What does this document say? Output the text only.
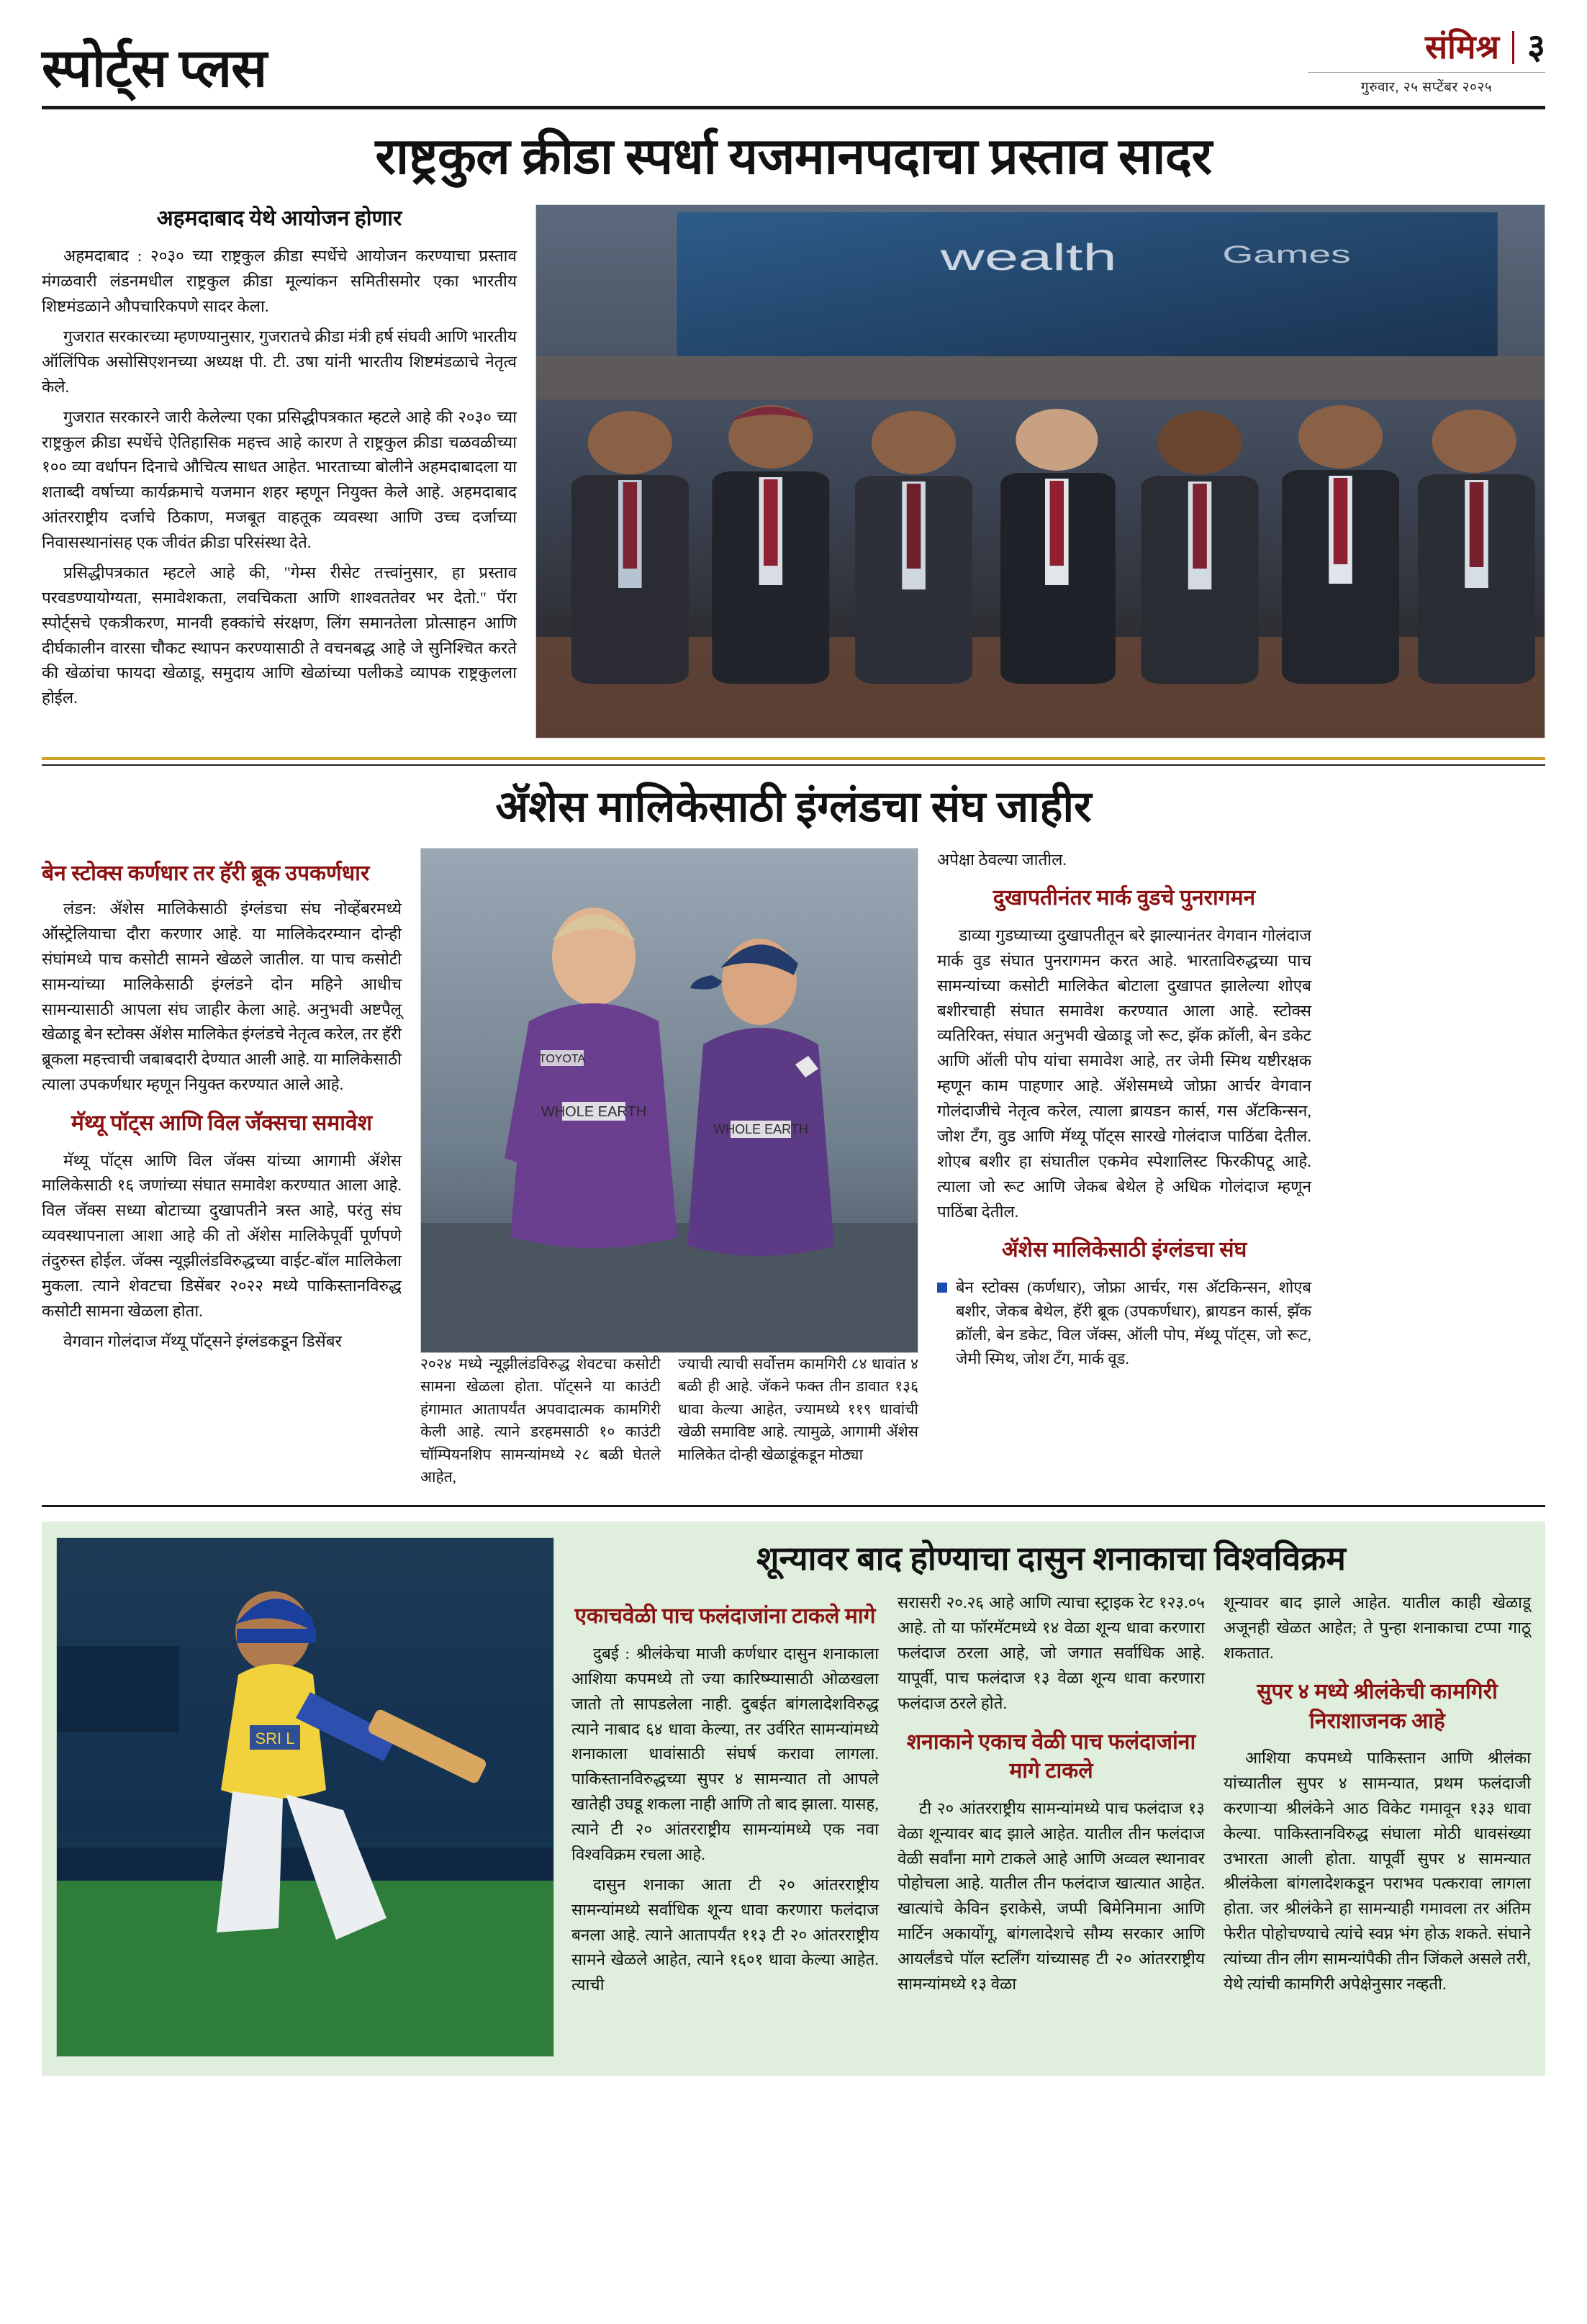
स्पोर्ट्स प्लस	संमिश्र ३
गुरुवार, २५ सप्टेंबर २०२५
राष्ट्रकुल क्रीडा स्पर्धा यजमानपदाचा प्रस्ताव सादर
अहमदाबाद येथे आयोजन होणार

अहमदाबाद : २०३० च्या राष्ट्रकुल क्रीडा स्पर्धेचे आयोजन करण्याचा प्रस्ताव मंगळवारी लंडनमधील राष्ट्रकुल क्रीडा मूल्यांकन समितीसमोर एका भारतीय शिष्टमंडळाने औपचारिकपणे सादर केला.

गुजरात सरकारच्या म्हणण्यानुसार, गुजरातचे क्रीडा मंत्री हर्ष संघवी आणि भारतीय ऑलिंपिक असोसिएशनच्या अध्यक्ष पी. टी. उषा यांनी भारतीय शिष्टमंडळाचे नेतृत्व केले.

गुजरात सरकारने जारी केलेल्या एका प्रसिद्धीपत्रकात म्हटले आहे की २०३० च्या राष्ट्रकुल क्रीडा स्पर्धेचे ऐतिहासिक महत्त्व आहे कारण ते राष्ट्रकुल क्रीडा चळवळीच्या १०० व्या वर्धापन दिनाचे औचित्य साधत आहेत. भारताच्या बोलीने अहमदाबादला या शताब्दी वर्षाच्या कार्यक्रमाचे यजमान शहर म्हणून नियुक्त केले आहे. अहमदाबाद आंतरराष्ट्रीय दर्जाचे ठिकाण, मजबूत वाहतूक व्यवस्था आणि उच्च दर्जाच्या निवासस्थानांसह एक जीवंत क्रीडा परिसंस्था देते.

प्रसिद्धीपत्रकात म्हटले आहे की, "गेम्स रीसेट तत्त्वांनुसार, हा प्रस्ताव परवडण्यायोग्यता, समावेशकता, लवचिकता आणि शाश्वततेवर भर देतो." पॅरा स्पोर्ट्सचे एकत्रीकरण, मानवी हक्कांचे संरक्षण, लिंग समानतेला प्रोत्साहन आणि दीर्घकालीन वारसा चौकट स्थापन करण्यासाठी ते वचनबद्ध आहे जे सुनिश्चित करते की खेळांचा फायदा खेळाडू, समुदाय आणि खेळांच्या पलीकडे व्यापक राष्ट्रकुलला होईल.

wealth	Games
ॲशेस मालिकेसाठी इंग्लंडचा संघ जाहीर
बेन स्टोक्स कर्णधार तर हॅरी ब्रूक उपकर्णधार

लंडन: ॲशेस मालिकेसाठी इंग्लंडचा संघ नोव्हेंबरमध्ये ऑस्ट्रेलियाचा दौरा करणार आहे. या मालिकेदरम्यान दोन्ही संघांमध्ये पाच कसोटी सामने खेळले जातील. या पाच कसोटी सामन्यांच्या मालिकेसाठी इंग्लंडने दोन महिने आधीच सामन्यासाठी आपला संघ जाहीर केला आहे. अनुभवी अष्टपैलू खेळाडू बेन स्टोक्स ॲशेस मालिकेत इंग्लंडचे नेतृत्व करेल, तर हॅरी ब्रूकला महत्त्वाची जबाबदारी देण्यात आली आहे. या मालिकेसाठी त्याला उपकर्णधार म्हणून नियुक्त करण्यात आले आहे.

मॅथ्यू पॉट्स आणि विल जॅक्सचा समावेश

मॅथ्यू पॉट्स आणि विल जॅक्स यांच्या आगामी ॲशेस मालिकेसाठी १६ जणांच्या संघात समावेश करण्यात आला आहे. विल जॅक्स सध्या बोटाच्या दुखापतीने त्रस्त आहे, परंतु संघ व्यवस्थापनाला आशा आहे की तो ॲशेस मालिकेपूर्वी पूर्णपणे तंदुरुस्त होईल. जॅक्स न्यूझीलंडविरुद्धच्या वाईट-बॉल मालिकेला मुकला. त्याने शेवटचा डिसेंबर २०२२ मध्ये पाकिस्तानविरुद्ध कसोटी सामना खेळला होता.

वेगवान गोलंदाज मॅथ्यू पॉट्सने इंग्लंडकडून डिसेंबर

WHOLE EARTH
TOYOTA
WHOLE EARTH
२०२४ मध्ये न्यूझीलंडविरुद्ध शेवटचा कसोटी सामना खेळला होता. पॉट्सने या काउंटी हंगामात आतापर्यंत अपवादात्मक कामगिरी केली आहे. त्याने डरहमसाठी १० काउंटी चॉम्पियनशिप सामन्यांमध्ये २८ बळी घेतले आहेत,
ज्याची त्याची सर्वोत्तम कामगिरी ८४ धावांत ४ बळी ही आहे. जॅकने फक्त तीन डावात १३६ धावा केल्या आहेत, ज्यामध्ये ११९ धावांची खेळी समाविष्ट आहे. त्यामुळे, आगामी ॲशेस मालिकेत दोन्ही खेळाडूंकडून मोठ्या

अपेक्षा ठेवल्या जातील.

दुखापतीनंतर मार्क वुडचे पुनरागमन

डाव्या गुडघ्याच्या दुखापतीतून बरे झाल्यानंतर वेगवान गोलंदाज मार्क वुड संघात पुनरागमन करत आहे. भारताविरुद्धच्या पाच सामन्यांच्या कसोटी मालिकेत बोटाला दुखापत झालेल्या शोएब बशीरचाही संघात समावेश करण्यात आला आहे. स्टोक्स व्यतिरिक्त, संघात अनुभवी खेळाडू जो रूट, झॅक क्रॉली, बेन डकेट आणि ऑली पोप यांचा समावेश आहे, तर जेमी स्मिथ यष्टीरक्षक म्हणून काम पाहणार आहे. ॲशेसमध्ये जोफ्रा आर्चर वेगवान गोलंदाजीचे नेतृत्व करेल, त्याला ब्रायडन कार्स, गस अ‍ॅटकिन्सन, जोश टँग, वुड आणि मॅथ्यू पॉट्स सारखे गोलंदाज पाठिंबा देतील. शोएब बशीर हा संघातील एकमेव स्पेशालिस्ट फिरकीपटू आहे. त्याला जो रूट आणि जेकब बेथेल हे अधिक गोलंदाज म्हणून पाठिंबा देतील.

ॲशेस मालिकेसाठी इंग्लंडचा संघ
बेन स्टोक्स (कर्णधार), जोफ्रा आर्चर, गस अ‍ॅटकिन्सन, शोएब बशीर, जेकब बेथेल, हॅरी ब्रूक (उपकर्णधार), ब्रायडन कार्स, झॅक क्रॉली, बेन डकेट, विल जॅक्स, ऑली पोप, मॅथ्यू पॉट्स, जो रूट, जेमी स्मिथ, जोश टँग, मार्क वूड.
SRI L
शून्यावर बाद होण्याचा दासुन शनाकाचा विश्वविक्रम
एकाचवेळी पाच फलंदाजांना टाकले मागे

दुबई : श्रीलंकेचा माजी कर्णधार दासुन शनाकाला आशिया कपमध्ये तो ज्या कारिष्म्यासाठी ओळखला जातो तो सापडलेला नाही. दुबईत बांगलादेशविरुद्ध त्याने नाबाद ६४ धावा केल्या, तर उर्वरित सामन्यांमध्ये शनाकाला धावांसाठी संघर्ष करावा लागला. पाकिस्तानविरुद्धच्या सुपर ४ सामन्यात तो आपले खातेही उघडू शकला नाही आणि तो बाद झाला. यासह, त्याने टी २० आंतरराष्ट्रीय सामन्यांमध्ये एक नवा विश्वविक्रम रचला आहे.

दासुन शनाका आता टी २० आंतरराष्ट्रीय सामन्यांमध्ये सर्वाधिक शून्य धावा करणारा फलंदाज बनला आहे. त्याने आतापर्यंत ११३ टी २० आंतरराष्ट्रीय सामने खेळले आहेत, त्याने १६०१ धावा केल्या आहेत. त्याची

सरासरी २०.२६ आहे आणि त्याचा स्ट्राइक रेट १२३.०५ आहे. तो या फॉरमॅटमध्ये १४ वेळा शून्य धावा करणारा फलंदाज ठरला आहे, जो जगात सर्वाधिक आहे. यापूर्वी, पाच फलंदाज १३ वेळा शून्य धावा करणारा फलंदाज ठरले होते.

शनाकाने एकाच वेळी पाच फलंदाजांना मागे टाकले

टी २० आंतरराष्ट्रीय सामन्यांमध्ये पाच फलंदाज १३ वेळा शून्यावर बाद झाले आहेत. यातील तीन फलंदाज वेळी सर्वांना मागे टाकले आहे आणि अव्वल स्थानावर पोहोचला आहे. यातील तीन फलंदाज खात्यात आहेत. खात्यांचे केविन इराकेसे, जप्पी बिमेनिमाना आणि मार्टिन अकायोंगू, बांगलादेशचे सौम्य सरकार आणि आयर्लंडचे पॉल स्टर्लिंग यांच्यासह टी २० आंतरराष्ट्रीय सामन्यांमध्ये १३ वेळा

शून्यावर बाद झाले आहेत. यातील काही खेळाडू अजूनही खेळत आहेत; ते पुन्हा शनाकाचा टप्पा गाठू शकतात.

सुपर ४ मध्ये श्रीलंकेची कामगिरी निराशाजनक आहे

आशिया कपमध्ये पाकिस्तान आणि श्रीलंका यांच्यातील सुपर ४ सामन्यात, प्रथम फलंदाजी करणाऱ्या श्रीलंकेने आठ विकेट गमावून १३३ धावा केल्या. पाकिस्तानविरुद्ध संघाला मोठी धावसंख्या उभारता आली होता. यापूर्वी सुपर ४ सामन्यात श्रीलंकेला बांगलादेशकडून पराभव पत्करावा लागला होता. जर श्रीलंकेने हा सामन्याही गमावला तर अंतिम फेरीत पोहोचण्याचे त्यांचे स्वप्न भंग होऊ शकते. संघाने त्यांच्या तीन लीग सामन्यांपैकी तीन जिंकले असले तरी, येथे त्यांची कामगिरी अपेक्षेनुसार नव्हती.
